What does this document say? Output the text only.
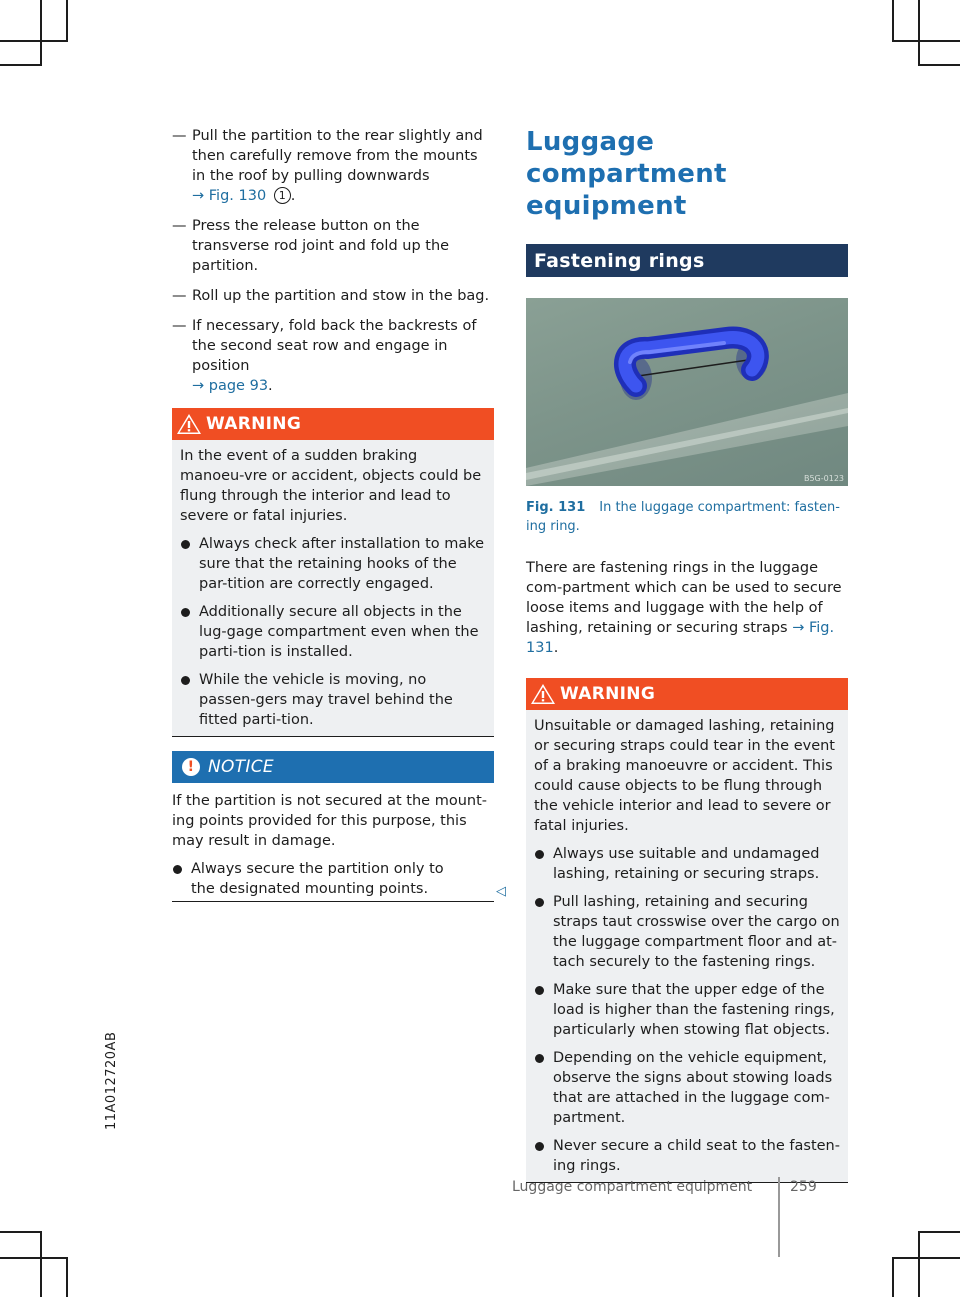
11A012720AB
— Pull the partition to the rear slightly and then carefully remove from the mounts in the roof by pulling downwards
→ Fig. 130 1 .
— Press the release button on the transverse rod joint and fold up the partition.
— Roll up the partition and stow in the bag.
— If necessary, fold back the backrests of the second seat row and engage in position
→ page 93.
WARNING
In the event of a sudden braking manoeu-vre or accident, objects could be flung through the interior and lead to severe or fatal injuries.
Always check after installation to make sure that the retaining hooks of the par-tition are correctly engaged.
Additionally secure all objects in the lug-gage compartment even when the parti-tion is installed.
While the vehicle is moving, no passen-gers may travel behind the fitted parti-tion.
! NOTICE
If the partition is not secured at the mount-ing points provided for this purpose, this may result in damage.
Always secure the partition only to the designated mounting points.	◁
Luggage compartment equipment
Fastening rings
B5G-0123
Fig. 131 In the luggage compartment: fasten-ing ring.
There are fastening rings in the luggage com-partment which can be used to secure loose items and luggage with the help of lashing, retaining or securing straps → Fig. 131.
WARNING
Unsuitable or damaged lashing, retaining or securing straps could tear in the event of a braking manoeuvre or accident. This could cause objects to be flung through the vehicle interior and lead to severe or fatal injuries.
Always use suitable and undamaged lashing, retaining or securing straps.
Pull lashing, retaining and securing straps taut crosswise over the cargo on the luggage compartment floor and at-tach securely to the fastening rings.
Make sure that the upper edge of the load is higher than the fastening rings, particularly when stowing flat objects.
Depending on the vehicle equipment, observe the signs about stowing loads that are attached in the luggage com-partment.
Never secure a child seat to the fasten-ing rings.
Luggage compartment equipment	259
